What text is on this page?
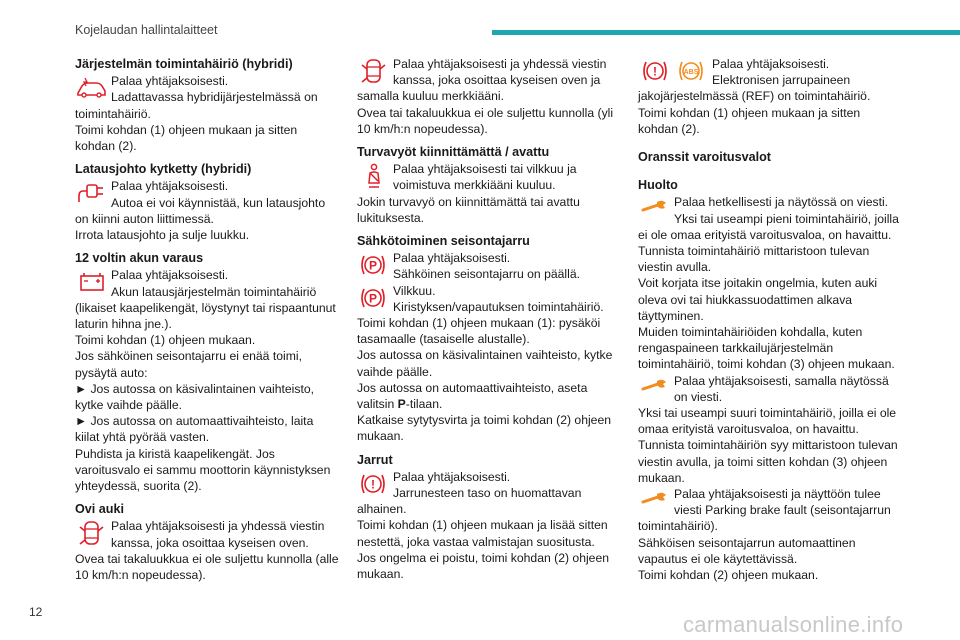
Kojelaudan hallintalaitteet
Järjestelmän toimintahäiriö (hybridi)
Palaa yhtäjaksoisesti.
Ladattavassa hybridijärjestelmässä on
toimintahäiriö.
Toimi kohdan (1) ohjeen mukaan ja sitten
kohdan (2).
Latausjohto kytketty (hybridi)
Palaa yhtäjaksoisesti.
Autoa ei voi käynnistää, kun latausjohto
on kiinni auton liittimessä.
Irrota latausjohto ja sulje luukku.
12 voltin akun varaus
Palaa yhtäjaksoisesti.
Akun latausjärjestelmän toimintahäiriö
(likaiset kaapelikengät, löystynyt tai rispaantunut
laturin hihna jne.).
Toimi kohdan (1) ohjeen mukaan.
Jos sähköinen seisontajarru ei enää toimi,
pysäytä auto:
► Jos autossa on käsivalintainen vaihteisto,
kytke vaihde päälle.
► Jos autossa on automaattivaihteisto, laita
kiilat yhtä pyörää vasten.
Puhdista ja kiristä kaapelikengät. Jos
varoitusvalo ei sammu moottorin käynnistyksen
yhteydessä, suorita (2).
Ovi auki
Palaa yhtäjaksoisesti ja yhdessä viestin
kanssa, joka osoittaa kyseisen oven.
Ovea tai takaluukkua ei ole suljettu kunnolla (alle
10 km/h:n nopeudessa).
Palaa yhtäjaksoisesti ja yhdessä viestin
kanssa, joka osoittaa kyseisen oven ja
samalla kuuluu merkkiääni.
Ovea tai takaluukkua ei ole suljettu kunnolla (yli
10 km/h:n nopeudessa).
Turvavyöt kiinnittämättä / avattu
Palaa yhtäjaksoisesti tai vilkkuu ja
voimistuva merkkiääni kuuluu.
Jokin turvavyö on kiinnittämättä tai avattu
lukituksesta.
Sähkötoiminen seisontajarru
P
Palaa yhtäjaksoisesti.
Sähköinen seisontajarru on päällä.
P
Vilkkuu.
Kiristyksen/vapautuksen toimintahäiriö.
Toimi kohdan (1) ohjeen mukaan (1): pysäköi
tasamaalle (tasaiselle alustalle).
Jos autossa on käsivalintainen vaihteisto, kytke
vaihde päälle.
Jos autossa on automaattivaihteisto, aseta
valitsin P-tilaan.
Katkaise sytytysvirta ja toimi kohdan (2) ohjeen
mukaan.
Jarrut
!
Palaa yhtäjaksoisesti.
Jarrunesteen taso on huomattavan
alhainen.
Toimi kohdan (1) ohjeen mukaan ja lisää sitten
nestettä, joka vastaa valmistajan suositusta.
Jos ongelma ei poistu, toimi kohdan (2) ohjeen
mukaan.
!	ABS
Palaa yhtäjaksoisesti.
Elektronisen jarrupaineen
jakojärjestelmässä (REF) on toimintahäiriö.
Toimi kohdan (1) ohjeen mukaan ja sitten
kohdan (2).
Oranssit varoitusvalot
Huolto
Palaa hetkellisesti ja näytössä on viesti.
Yksi tai useampi pieni toimintahäiriö, joilla
ei ole omaa erityistä varoitusvaloa, on havaittu.
Tunnista toimintahäiriö mittaristoon tulevan
viestin avulla.
Voit korjata itse joitakin ongelmia, kuten auki
oleva ovi tai hiukkassuodattimen alkava
täyttyminen.
Muiden toimintahäiriöiden kohdalla, kuten
rengaspaineen tarkkailujärjestelmän
toimintahäiriö, toimi kohdan (3) ohjeen mukaan.
Palaa yhtäjaksoisesti, samalla näytössä
on viesti.
Yksi tai useampi suuri toimintahäiriö, joilla ei ole
omaa erityistä varoitusvaloa, on havaittu.
Tunnista toimintahäiriön syy mittaristoon tulevan
viestin avulla, ja toimi sitten kohdan (3) ohjeen
mukaan.
Palaa yhtäjaksoisesti ja näyttöön tulee
viesti Parking brake fault (seisontajarrun
toimintahäiriö).
Sähköisen seisontajarrun automaattinen
vapautus ei ole käytettävissä.
Toimi kohdan (2) ohjeen mukaan.
12	carmanualsonline.info
